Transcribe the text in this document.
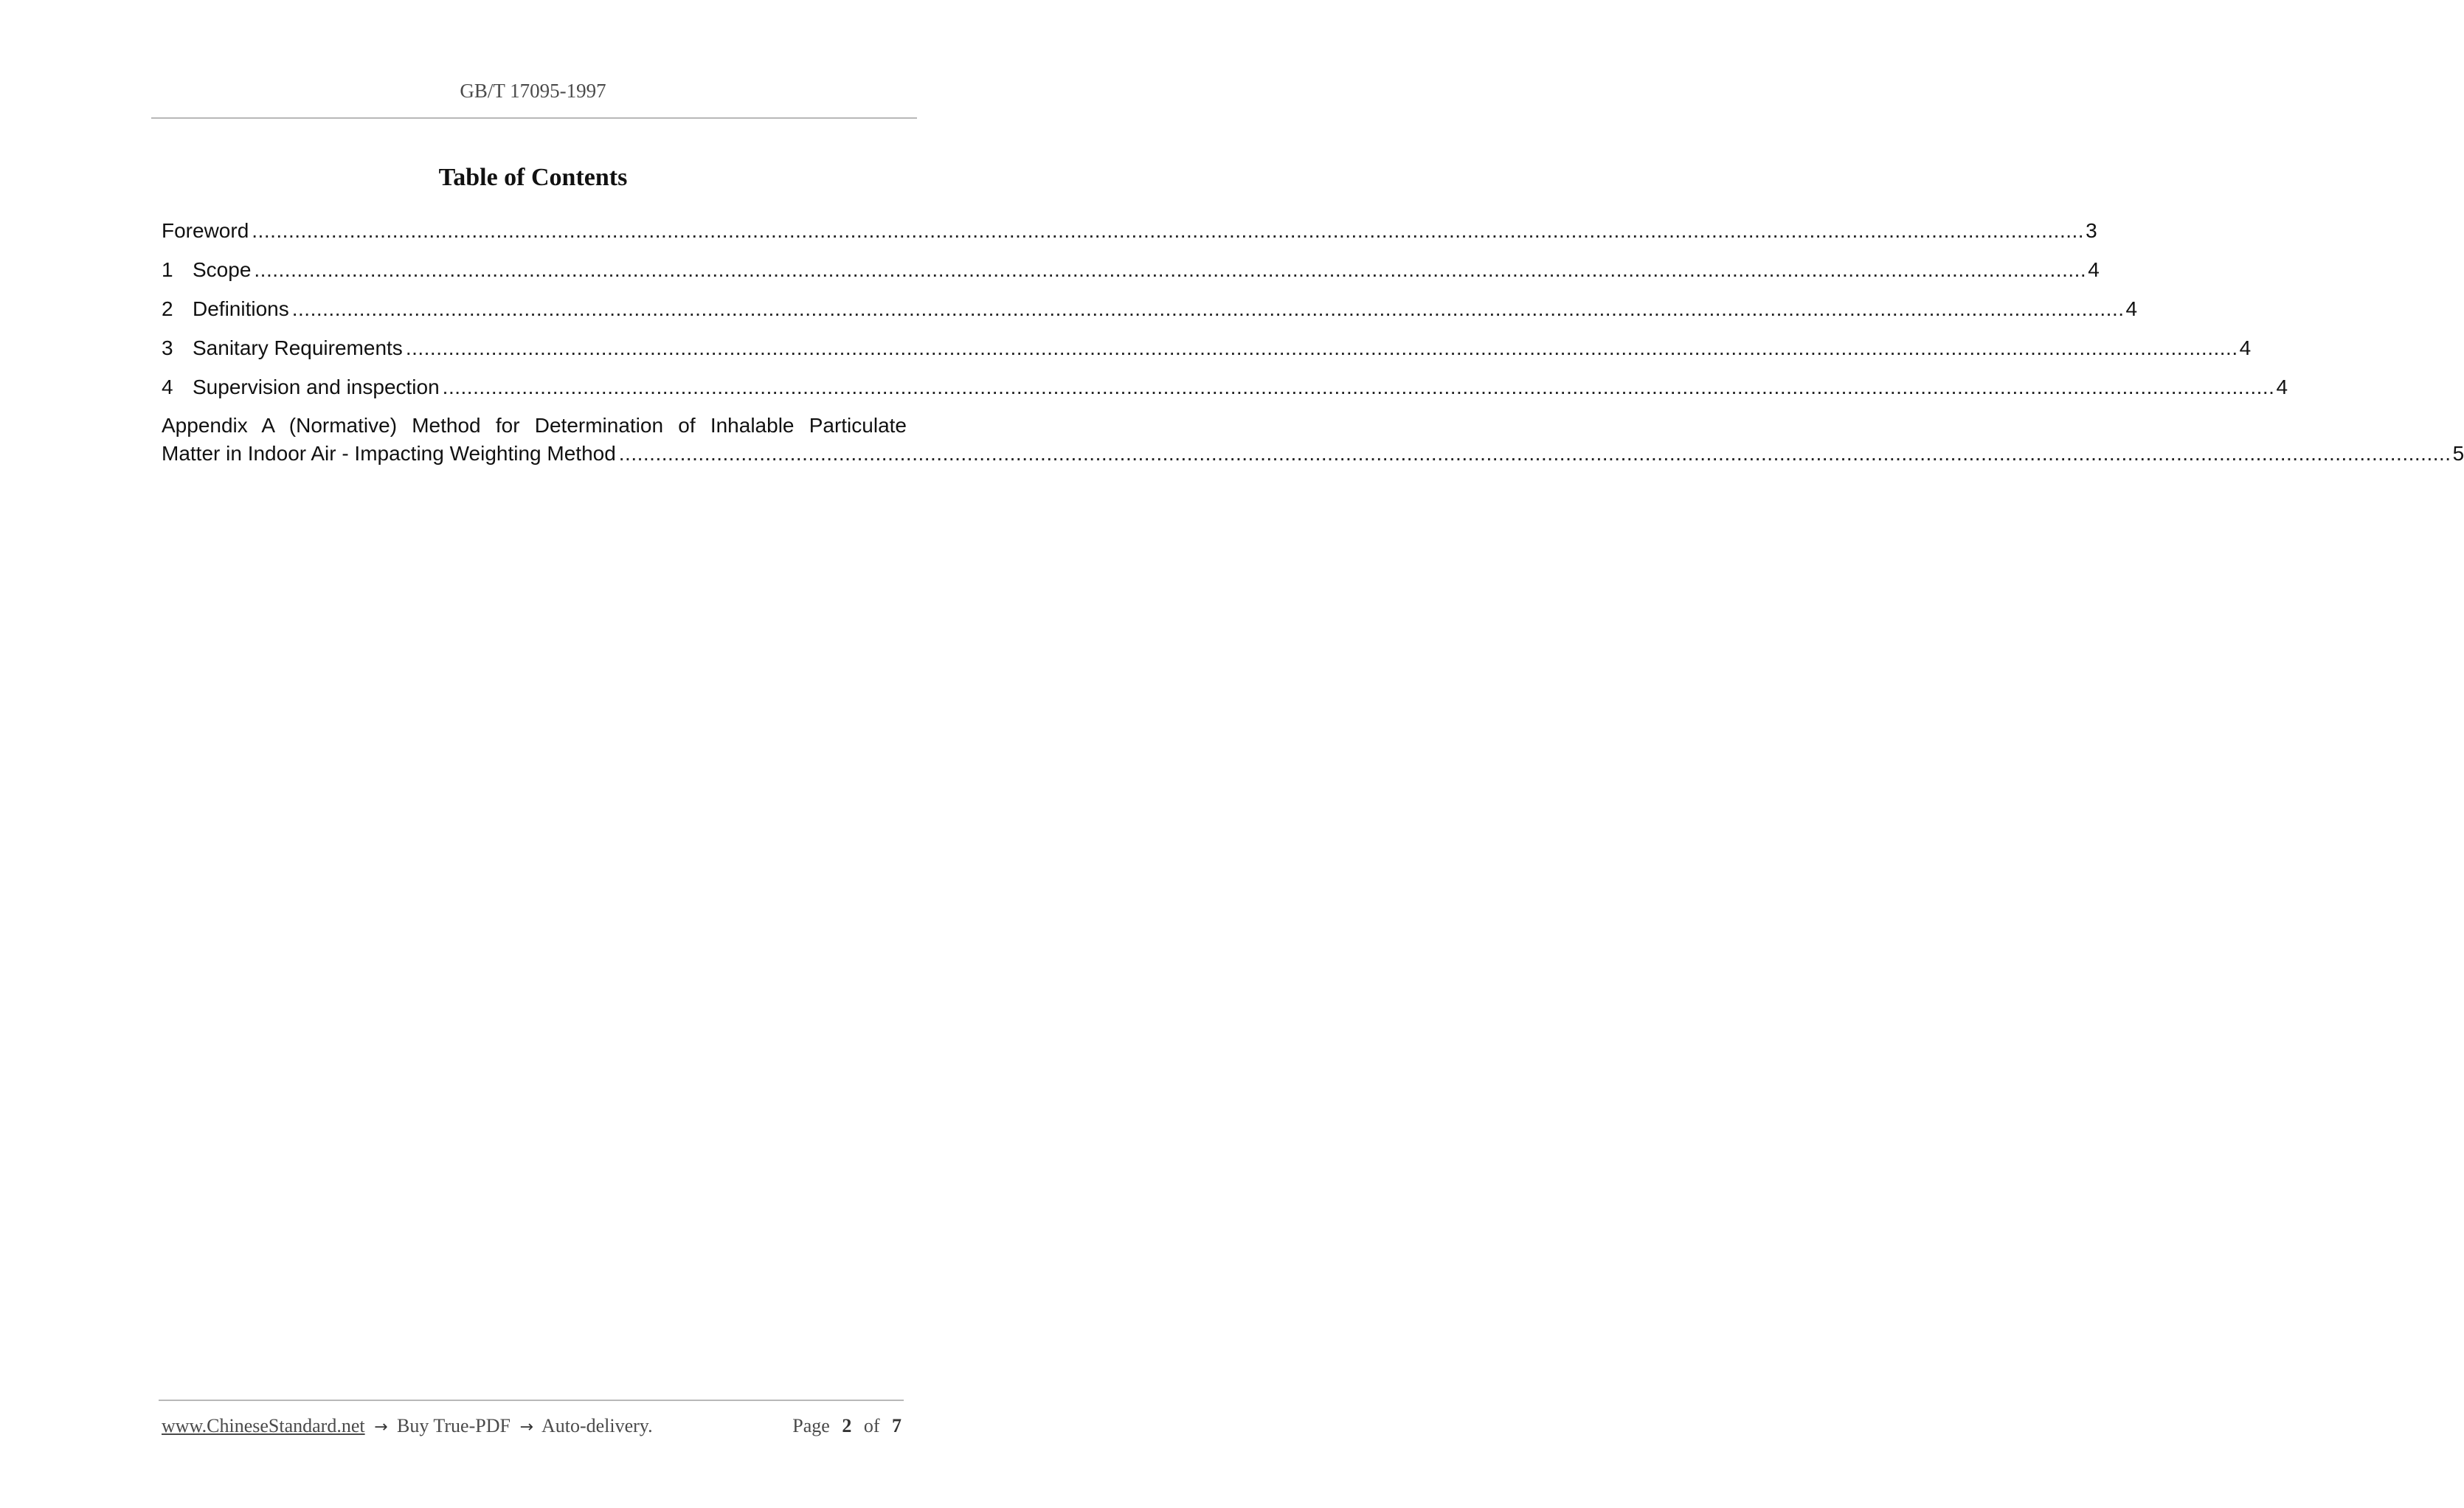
GB/T 17095-1997
Table of Contents
Foreword ............................................................................................................................................................................................................................................................................................................ 3
1 Scope ............................................................................................................................................................................................................................................................................................................ 4
2 Definitions ............................................................................................................................................................................................................................................................................................................ 4
3 Sanitary Requirements ............................................................................................................................................................................................................................................................................................................ 4
4 Supervision and inspection ............................................................................................................................................................................................................................................................................................................ 4
Appendix A (Normative) Method for Determination of Inhalable Particulate
Matter in Indoor Air - Impacting Weighting Method ............................................................................................................................................................................................................................................................................................................ 5
www.ChineseStandard.net → Buy True-PDF → Auto-delivery.	Page 2 of 7
